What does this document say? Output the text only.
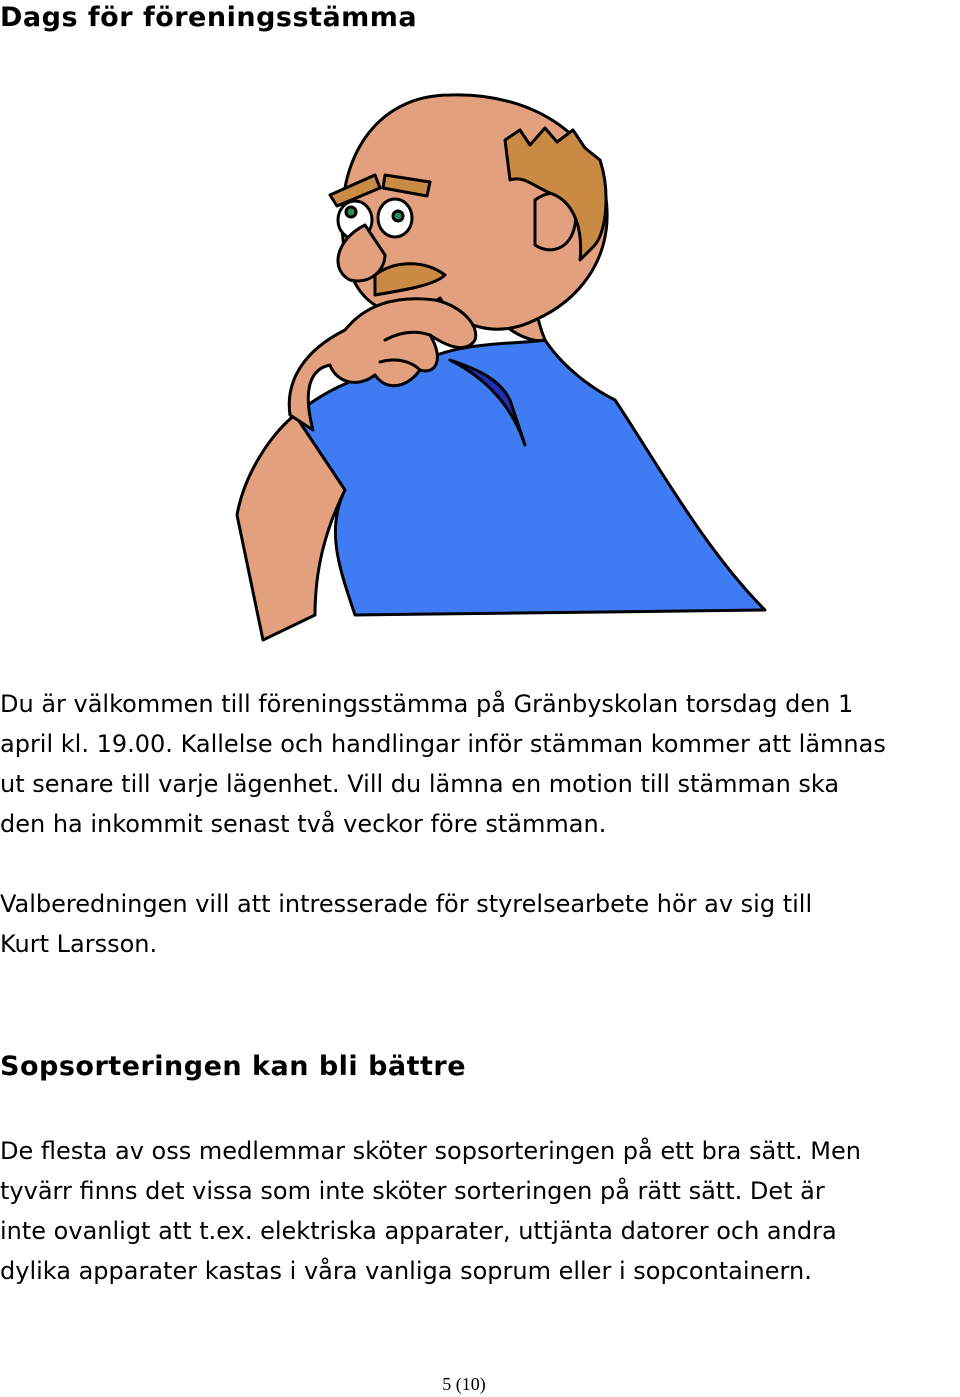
Dags för föreningsstämma
Du är välkommen till föreningsstämma på Gränbyskolan torsdag den 1
april kl. 19.00. Kallelse och handlingar inför stämman kommer att lämnas
ut senare till varje lägenhet. Vill du lämna en motion till stämman ska
den ha inkommit senast två veckor före stämman.
Valberedningen vill att intresserade för styrelsearbete hör av sig till
Kurt Larsson.
Sopsorteringen kan bli bättre
De flesta av oss medlemmar sköter sopsorteringen på ett bra sätt. Men
tyvärr finns det vissa som inte sköter sorteringen på rätt sätt. Det är
inte ovanligt att t.ex. elektriska apparater, uttjänta datorer och andra
dylika apparater kastas i våra vanliga soprum eller i sopcontainern.
5 (10)
